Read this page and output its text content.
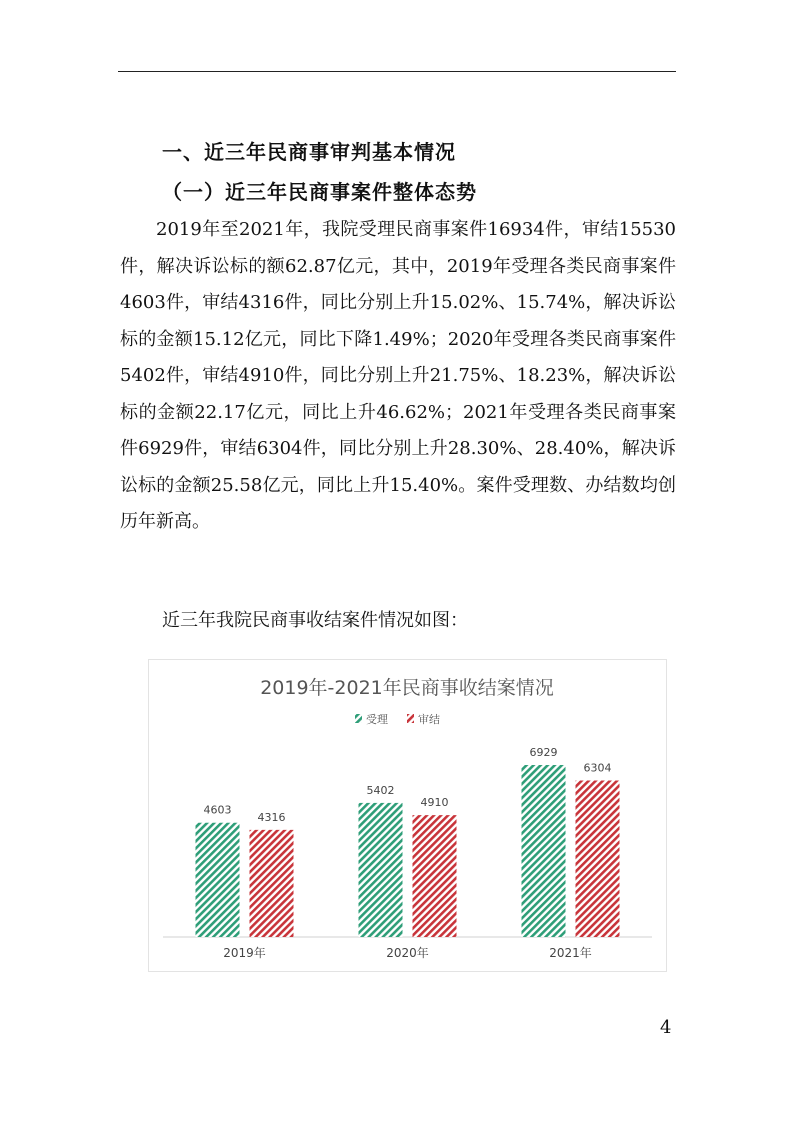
一、近三年民商事审判基本情况
（一）近三年民商事案件整体态势

2019年至2021年，我院受理民商事案件16934件，审结15530件，解决诉讼标的额62.87亿元，其中，2019年受理各类民商事案件4603件，审结4316件，同比分别上升15.02%、15.74%，解决诉讼标的金额15.12亿元，同比下降1.49%；2020年受理各类民商事案件5402件，审结4910件，同比分别上升21.75%、18.23%，解决诉讼标的金额22.17亿元，同比上升46.62%；2021年受理各类民商事案件6929件，审结6304件，同比分别上升28.30%、28.40%，解决诉讼标的金额25.58亿元，同比上升15.40%。案件受理数、办结数均创历年新高。

近三年我院民商事收结案件情况如图：

2019年-2021年民商事收结案情况
受理	审结
4603
4316
2019年
5402
4910
2020年
6929
6304
2021年
4
